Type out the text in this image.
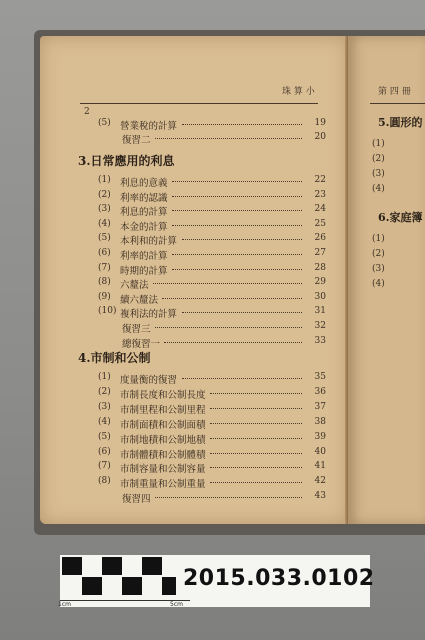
2
珠 算 小	第 四 冊
(5) 營業稅的計算	19
復習二	20
3.日常應用的利息
(1) 利息的意義	22
(2) 利率的認識	23
(3) 利息的計算	24
(4) 本金的計算	25
(5) 本利和的計算	26
(6) 利率的計算	27
(7) 時期的計算	28
(8) 六釐法	29
(9) 續六釐法	30
(10) 複利法的計算	31
復習三	32
總復習一	33
4.市制和公制
(1) 度量衡的復習	35
(2) 市制長度和公制長度	36
(3) 市制里程和公制里程	37
(4) 市制面積和公制面積	38
(5) 市制地積和公制地積	39
(6) 市制體積和公制體積	40
(7) 市制容量和公制容量	41
(8) 市制重量和公制重量	42
復習四	43
5.圓形的
(1)
(2)
(3)
(4)
6.家庭簿
(1)
(2)
(3)
(4)
1cm	5cm
2015.033.0102
